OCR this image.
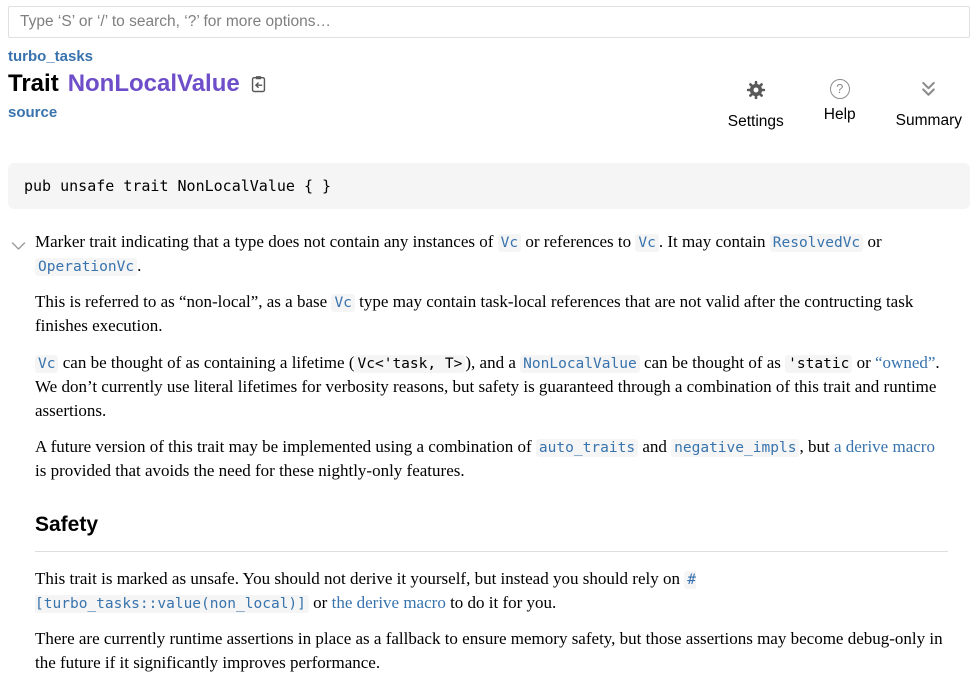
Type ‘S’ or ‘/’ to search, ‘?’ for more options…
turbo_tasks
Trait NonLocalValue
source
Settings
?
Help	Summary
pub unsafe trait NonLocalValue { }

Marker trait indicating that a type does not contain any instances of Vc or references to Vc . It may contain ResolvedVc or OperationVc .

This is referred to as “non-local”, as a base Vc type may contain task-local references that are not valid after the contructing task finishes execution.

Vc can be thought of as containing a lifetime ( Vc<'task, T> ), and a NonLocalValue can be thought of as 'static or “owned”. We don’t currently use literal lifetimes for verbosity reasons, but safety is guaranteed through a combination of this trait and runtime assertions.

A future version of this trait may be implemented using a combination of auto_traits and negative_impls , but a derive macro is provided that avoids the need for these nightly-only features.

Safety

This trait is marked as unsafe. You should not derive it yourself, but instead you should rely on #[turbo_tasks::value(non_local)] or the derive macro to do it for you.

There are currently runtime assertions in place as a fallback to ensure memory safety, but those assertions may become debug-only in the future if it significantly improves performance.
